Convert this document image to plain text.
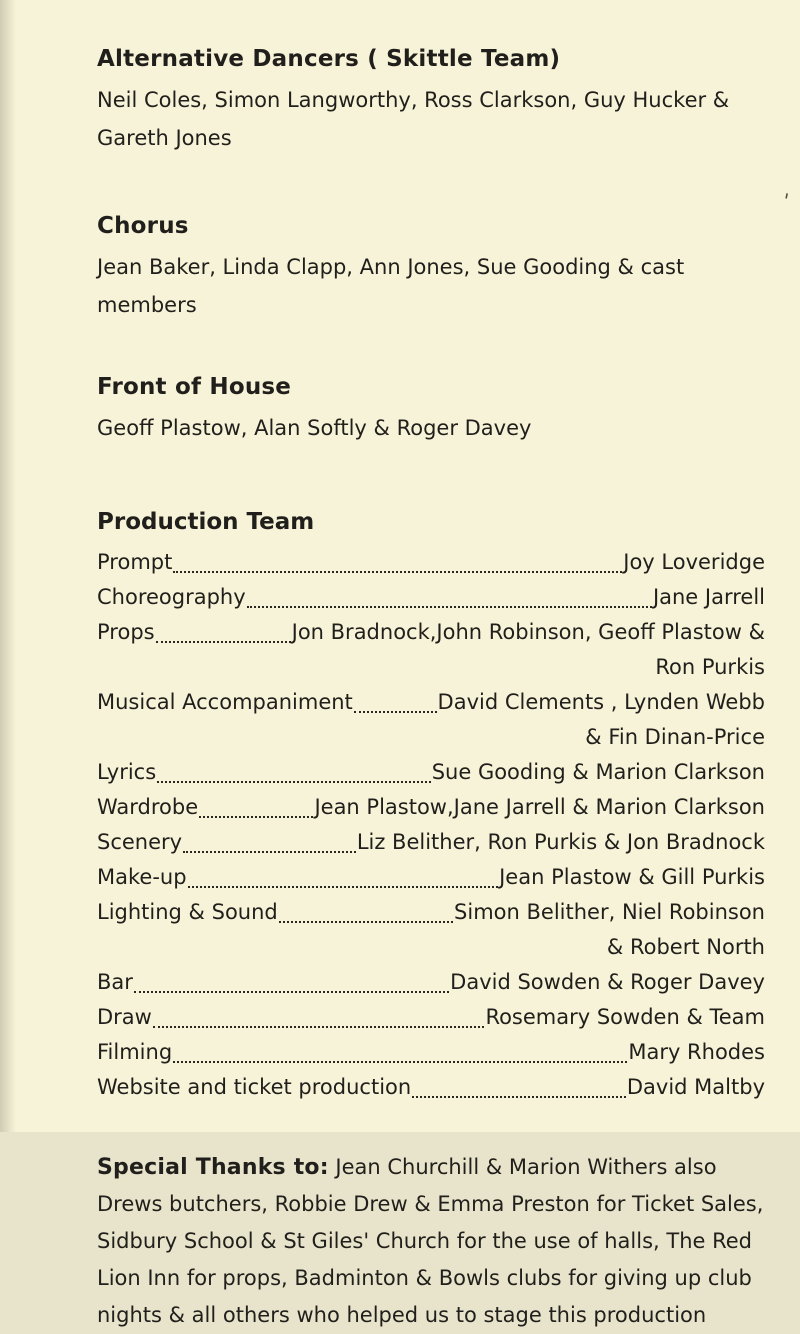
'
Alternative Dancers ( Skittle Team)

Neil Coles, Simon Langworthy, Ross Clarkson, Guy Hucker & Gareth Jones

Chorus

Jean Baker, Linda Clapp, Ann Jones, Sue Gooding & cast members

Front of House

Geoff Plastow, Alan Softly & Roger Davey

Production Team
Prompt	Joy Loveridge
Choreography	Jane Jarrell
Props	Jon Bradnock,John Robinson, Geoff Plastow &
Ron Purkis
Musical Accompaniment	David Clements , Lynden Webb
& Fin Dinan-Price
Lyrics	Sue Gooding & Marion Clarkson
Wardrobe	Jean Plastow,Jane Jarrell & Marion Clarkson
Scenery	Liz Belither, Ron Purkis & Jon Bradnock
Make-up	Jean Plastow & Gill Purkis
Lighting & Sound	Simon Belither, Niel Robinson
& Robert North
Bar	David Sowden & Roger Davey
Draw	Rosemary Sowden & Team
Filming	Mary Rhodes
Website and ticket production	David Maltby

Special Thanks to: Jean Churchill & Marion Withers also Drews butchers, Robbie Drew & Emma Preston for Ticket Sales, Sidbury School & St Giles' Church for the use of halls, The Red Lion Inn for props, Badminton & Bowls clubs for giving up club nights & all others who helped us to stage this production
